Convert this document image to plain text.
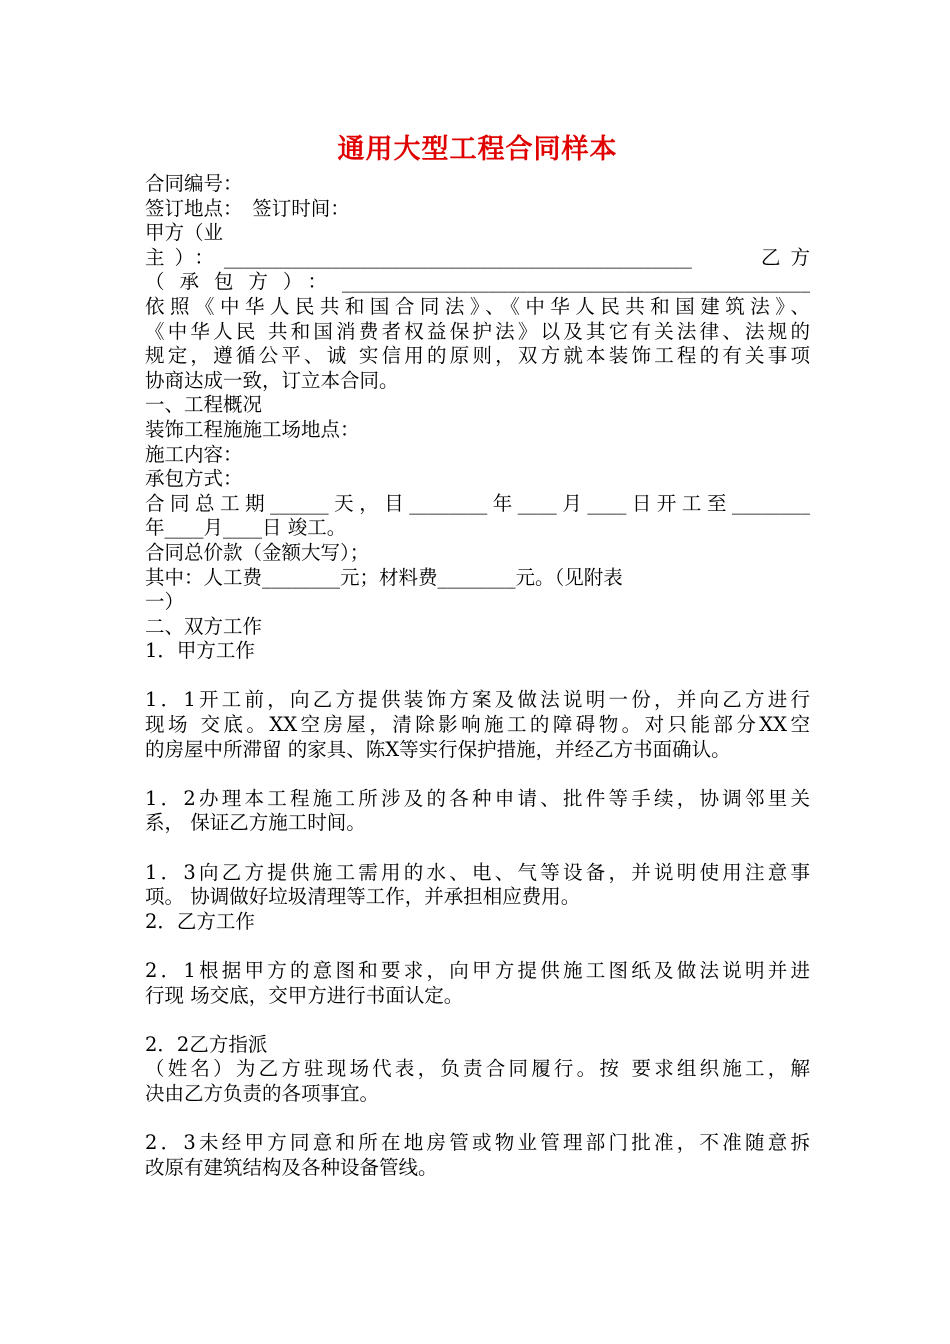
通用大型工程合同样本
合同编号：
签订地点：　签订时间：
甲方（业
主）：________________________________________________　　乙方
（承包方）：________________________________________________
依照《中华人民共和国合同法》、《中华人民共和国建筑法》、
《中华人民 共和国消费者权益保护法》以及其它有关法律、法规的
规定，遵循公平、诚 实信用的原则，双方就本装饰工程的有关事项
协商达成一致，订立本合同。
一、工程概况
装饰工程施施工场地点：
施工内容：
承包方式：
合同总工期______天，目________年____月____日开工至________
年____月____日 竣工。
合同总价款（金额大写）；
其中：人工费________元；材料费________元。（见附表
一）
二、双方工作
1．甲方工作
1．1开工前，向乙方提供装饰方案及做法说明一份，并向乙方进行
现场 交底。XX空房屋，清除影响施工的障碍物。对只能部分XX空
的房屋中所滞留 的家具、陈X等实行保护措施，并经乙方书面确认。
1．2办理本工程施工所涉及的各种申请、批件等手续，协调邻里关
系， 保证乙方施工时间。
1．3向乙方提供施工需用的水、电、气等设备，并说明使用注意事
项。 协调做好垃圾清理等工作，并承担相应费用。
2．乙方工作
2．1根据甲方的意图和要求，向甲方提供施工图纸及做法说明并进
行现 场交底，交甲方进行书面认定。
2．2乙方指派
（姓名）为乙方驻现场代表，负责合同履行。按 要求组织施工，解
决由乙方负责的各项事宜。
2．3未经甲方同意和所在地房管或物业管理部门批准，不准随意拆
改原有建筑结构及各种设备管线。
